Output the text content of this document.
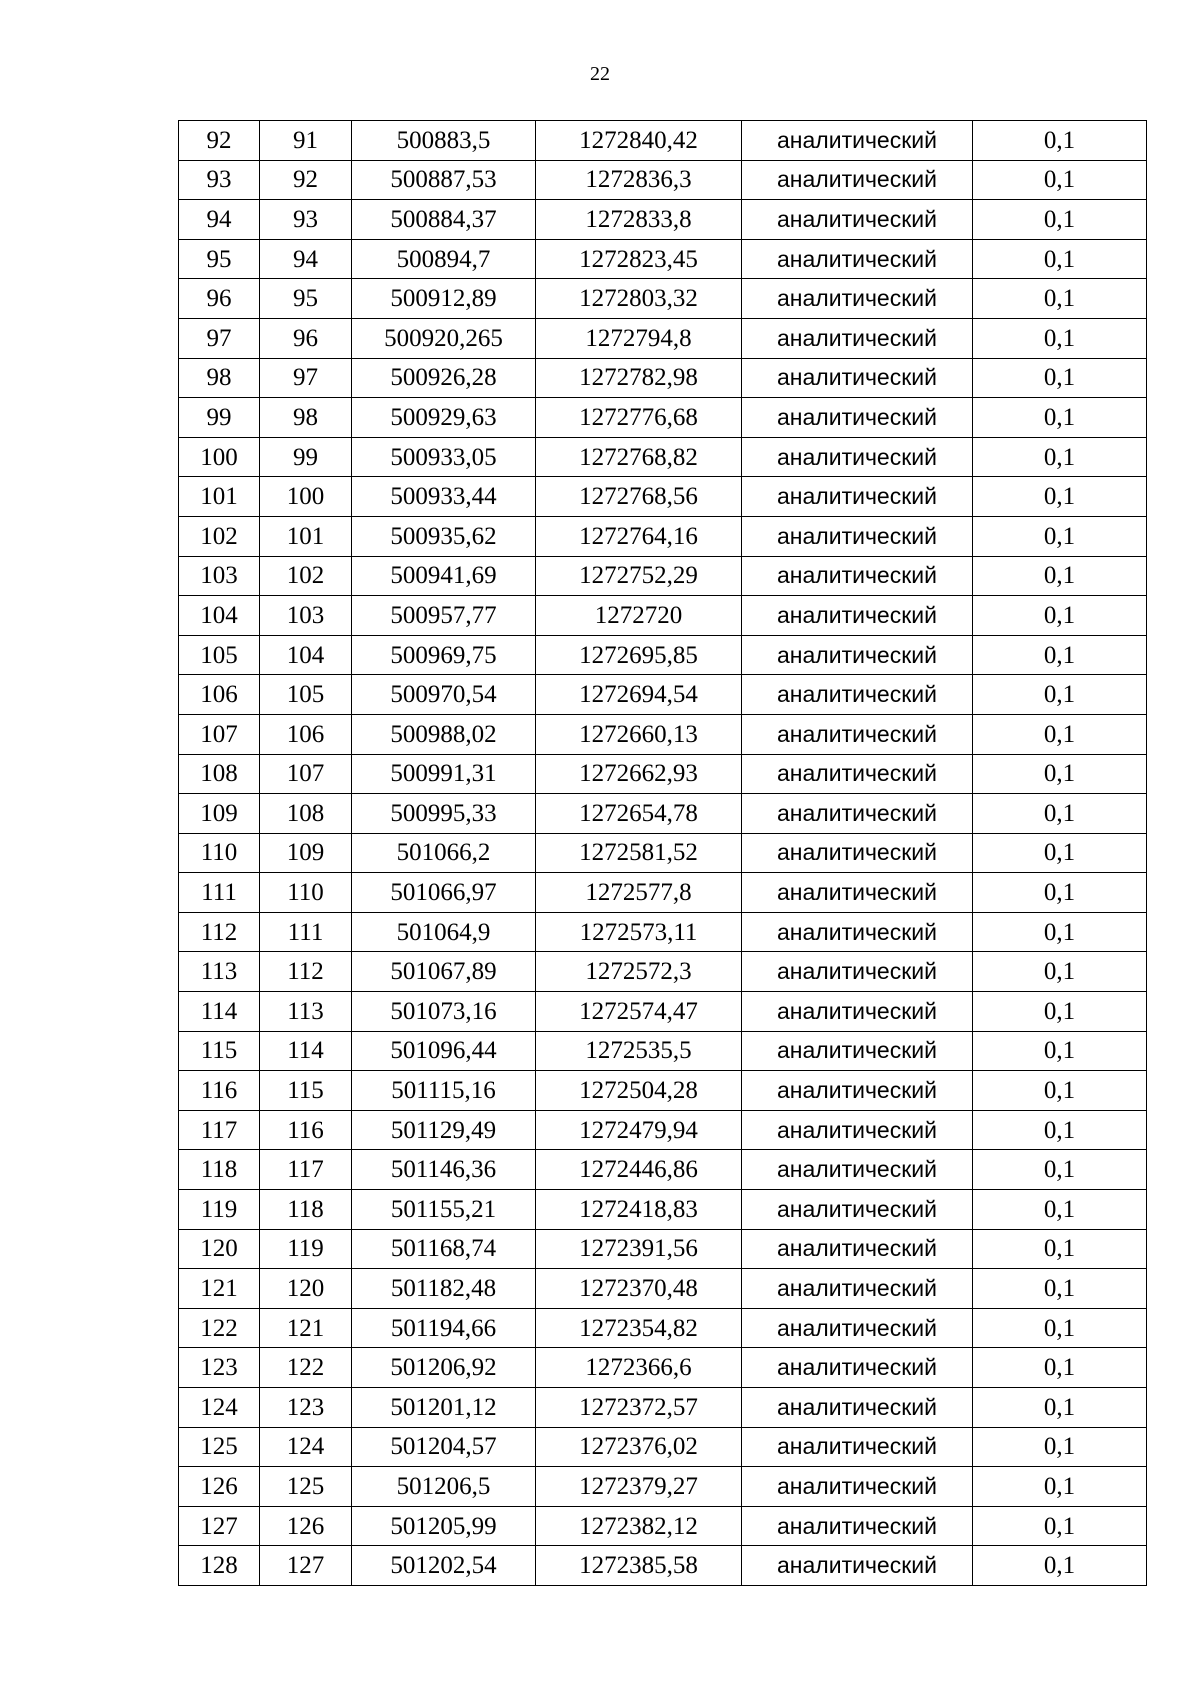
22
92	91	500883,5	1272840,42	аналитический	0,1
93	92	500887,53	1272836,3	аналитический	0,1
94	93	500884,37	1272833,8	аналитический	0,1
95	94	500894,7	1272823,45	аналитический	0,1
96	95	500912,89	1272803,32	аналитический	0,1
97	96	500920,265	1272794,8	аналитический	0,1
98	97	500926,28	1272782,98	аналитический	0,1
99	98	500929,63	1272776,68	аналитический	0,1
100	99	500933,05	1272768,82	аналитический	0,1
101	100	500933,44	1272768,56	аналитический	0,1
102	101	500935,62	1272764,16	аналитический	0,1
103	102	500941,69	1272752,29	аналитический	0,1
104	103	500957,77	1272720	аналитический	0,1
105	104	500969,75	1272695,85	аналитический	0,1
106	105	500970,54	1272694,54	аналитический	0,1
107	106	500988,02	1272660,13	аналитический	0,1
108	107	500991,31	1272662,93	аналитический	0,1
109	108	500995,33	1272654,78	аналитический	0,1
110	109	501066,2	1272581,52	аналитический	0,1
111	110	501066,97	1272577,8	аналитический	0,1
112	111	501064,9	1272573,11	аналитический	0,1
113	112	501067,89	1272572,3	аналитический	0,1
114	113	501073,16	1272574,47	аналитический	0,1
115	114	501096,44	1272535,5	аналитический	0,1
116	115	501115,16	1272504,28	аналитический	0,1
117	116	501129,49	1272479,94	аналитический	0,1
118	117	501146,36	1272446,86	аналитический	0,1
119	118	501155,21	1272418,83	аналитический	0,1
120	119	501168,74	1272391,56	аналитический	0,1
121	120	501182,48	1272370,48	аналитический	0,1
122	121	501194,66	1272354,82	аналитический	0,1
123	122	501206,92	1272366,6	аналитический	0,1
124	123	501201,12	1272372,57	аналитический	0,1
125	124	501204,57	1272376,02	аналитический	0,1
126	125	501206,5	1272379,27	аналитический	0,1
127	126	501205,99	1272382,12	аналитический	0,1
128	127	501202,54	1272385,58	аналитический	0,1
